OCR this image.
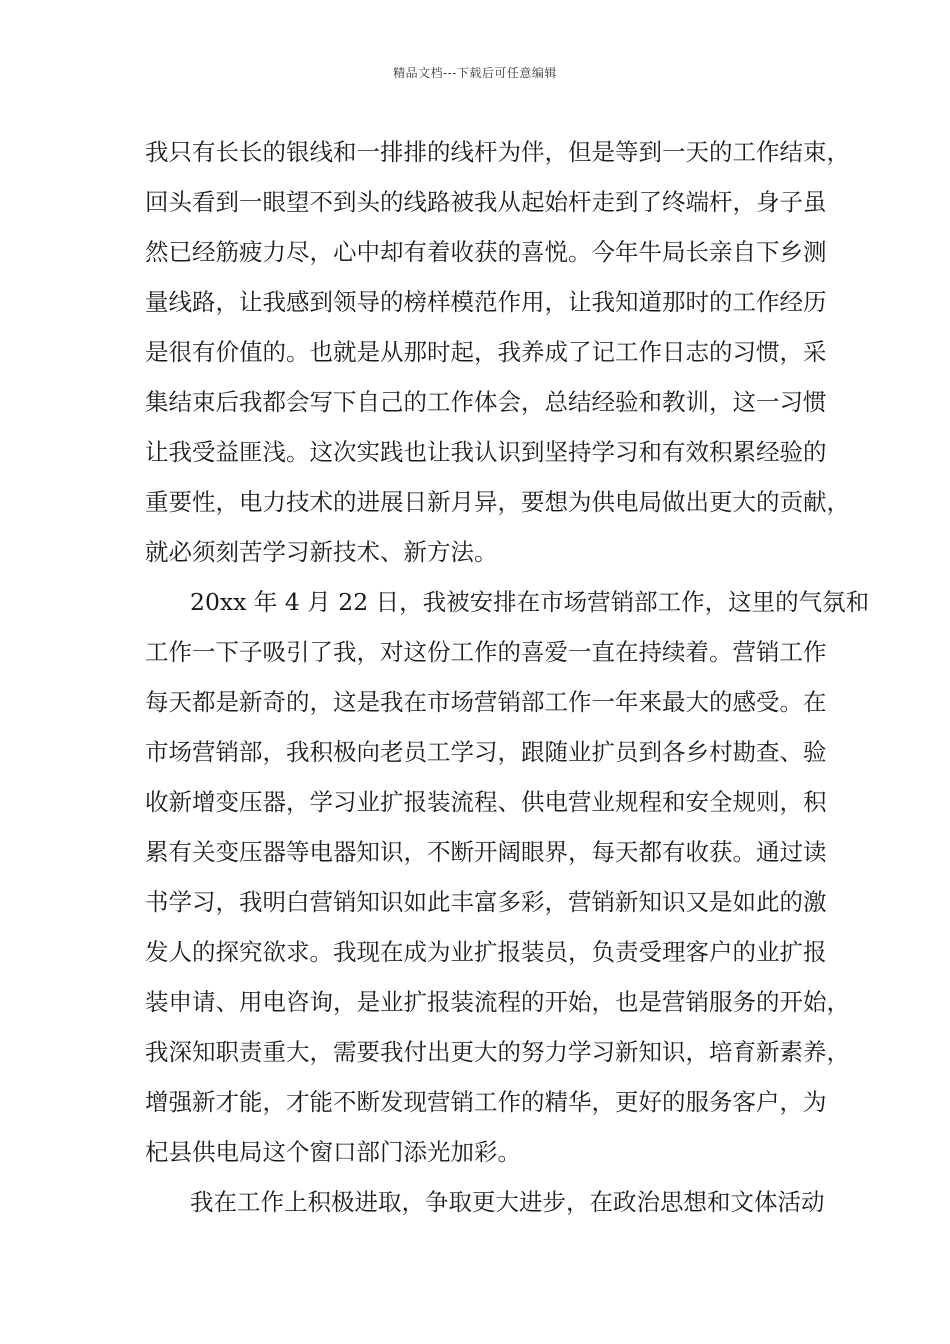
精品文档---下载后可任意编辑
我只有长长的银线和一排排的线杆为伴，但是等到一天的工作结束，
回头看到一眼望不到头的线路被我从起始杆走到了终端杆，身子虽
然已经筋疲力尽，心中却有着收获的喜悦。今年牛局长亲自下乡测
量线路，让我感到领导的榜样模范作用，让我知道那时的工作经历
是很有价值的。也就是从那时起，我养成了记工作日志的习惯，采
集结束后我都会写下自己的工作体会，总结经验和教训，这一习惯
让我受益匪浅。这次实践也让我认识到坚持学习和有效积累经验的
重要性，电力技术的进展日新月异，要想为供电局做出更大的贡献，
就必须刻苦学习新技术、新方法。
20xx 年 4 月 22 日，我被安排在市场营销部工作，这里的气氛和
工作一下子吸引了我，对这份工作的喜爱一直在持续着。营销工作
每天都是新奇的，这是我在市场营销部工作一年来最大的感受。在
市场营销部，我积极向老员工学习，跟随业扩员到各乡村勘查、验
收新增变压器，学习业扩报装流程、供电营业规程和安全规则，积
累有关变压器等电器知识，不断开阔眼界，每天都有收获。通过读
书学习，我明白营销知识如此丰富多彩，营销新知识又是如此的激
发人的探究欲求。我现在成为业扩报装员，负责受理客户的业扩报
装申请、用电咨询，是业扩报装流程的开始，也是营销服务的开始，
我深知职责重大，需要我付出更大的努力学习新知识，培育新素养，
增强新才能，才能不断发现营销工作的精华，更好的服务客户，为
杞县供电局这个窗口部门添光加彩。
我在工作上积极进取，争取更大进步，在政治思想和文体活动
